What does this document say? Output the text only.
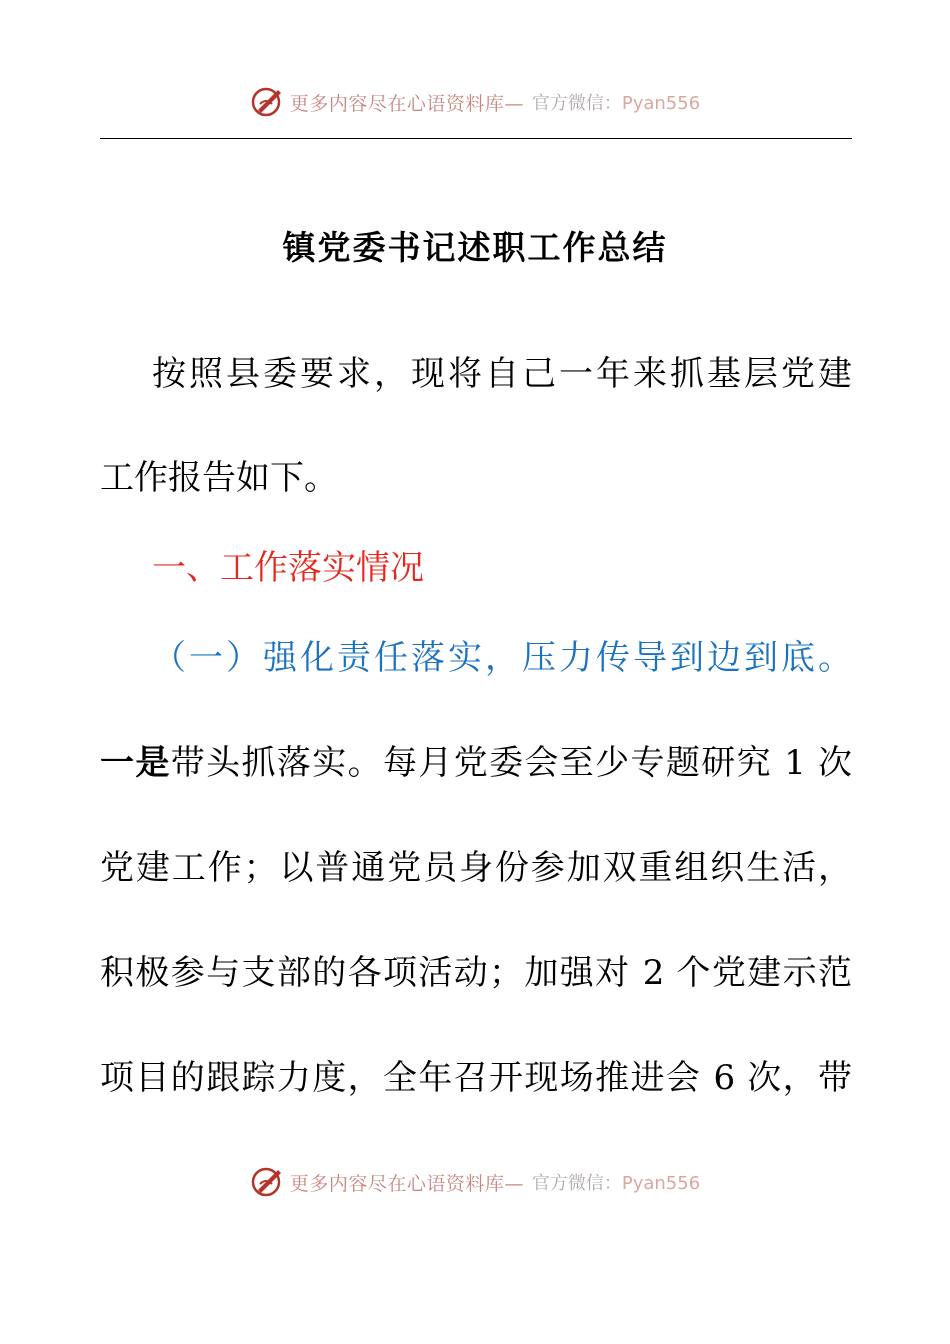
更多内容尽在心语资料库— 官方微信：Pyan556
镇党委书记述职工作总结
按照县委要求，现将自己一年来抓基层党建
工作报告如下。
一、工作落实情况
（一）强化责任落实，压力传导到边到底。
一是带头抓落实。每月党委会至少专题研究 1 次
党建工作；以普通党员身份参加双重组织生活，
积极参与支部的各项活动；加强对 2 个党建示范
项目的跟踪力度，全年召开现场推进会 6 次，带
更多内容尽在心语资料库— 官方微信：Pyan556
